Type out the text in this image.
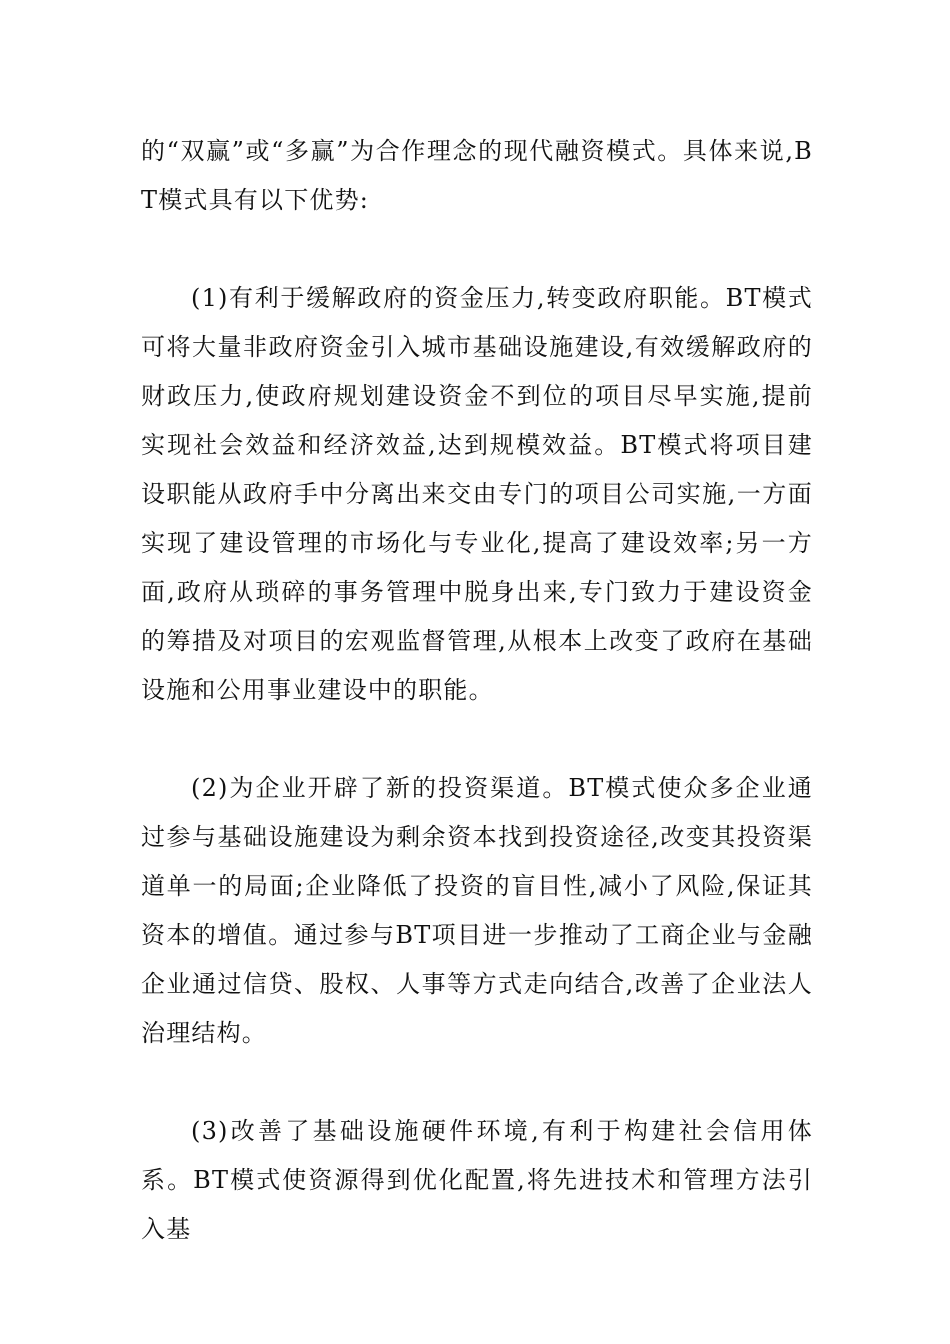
的“双赢”或“多赢”为合作理念的现代融资模式。具体来说,BT模式具有以下优势:

(1)有利于缓解政府的资金压力,转变政府职能。BT模式可将大量非政府资金引入城市基础设施建设,有效缓解政府的财政压力,使政府规划建设资金不到位的项目尽早实施,提前实现社会效益和经济效益,达到规模效益。BT模式将项目建设职能从政府手中分离出来交由专门的项目公司实施,一方面实现了建设管理的市场化与专业化,提高了建设效率;另一方面,政府从琐碎的事务管理中脱身出来,专门致力于建设资金的筹措及对项目的宏观监督管理,从根本上改变了政府在基础设施和公用事业建设中的职能。

(2)为企业开辟了新的投资渠道。BT模式使众多企业通过参与基础设施建设为剩余资本找到投资途径,改变其投资渠道单一的局面;企业降低了投资的盲目性,减小了风险,保证其资本的增值。通过参与BT项目进一步推动了工商企业与金融企业通过信贷、股权、人事等方式走向结合,改善了企业法人治理结构。

(3)改善了基础设施硬件环境,有利于构建社会信用体系。BT模式使资源得到优化配置,将先进技术和管理方法引入基
